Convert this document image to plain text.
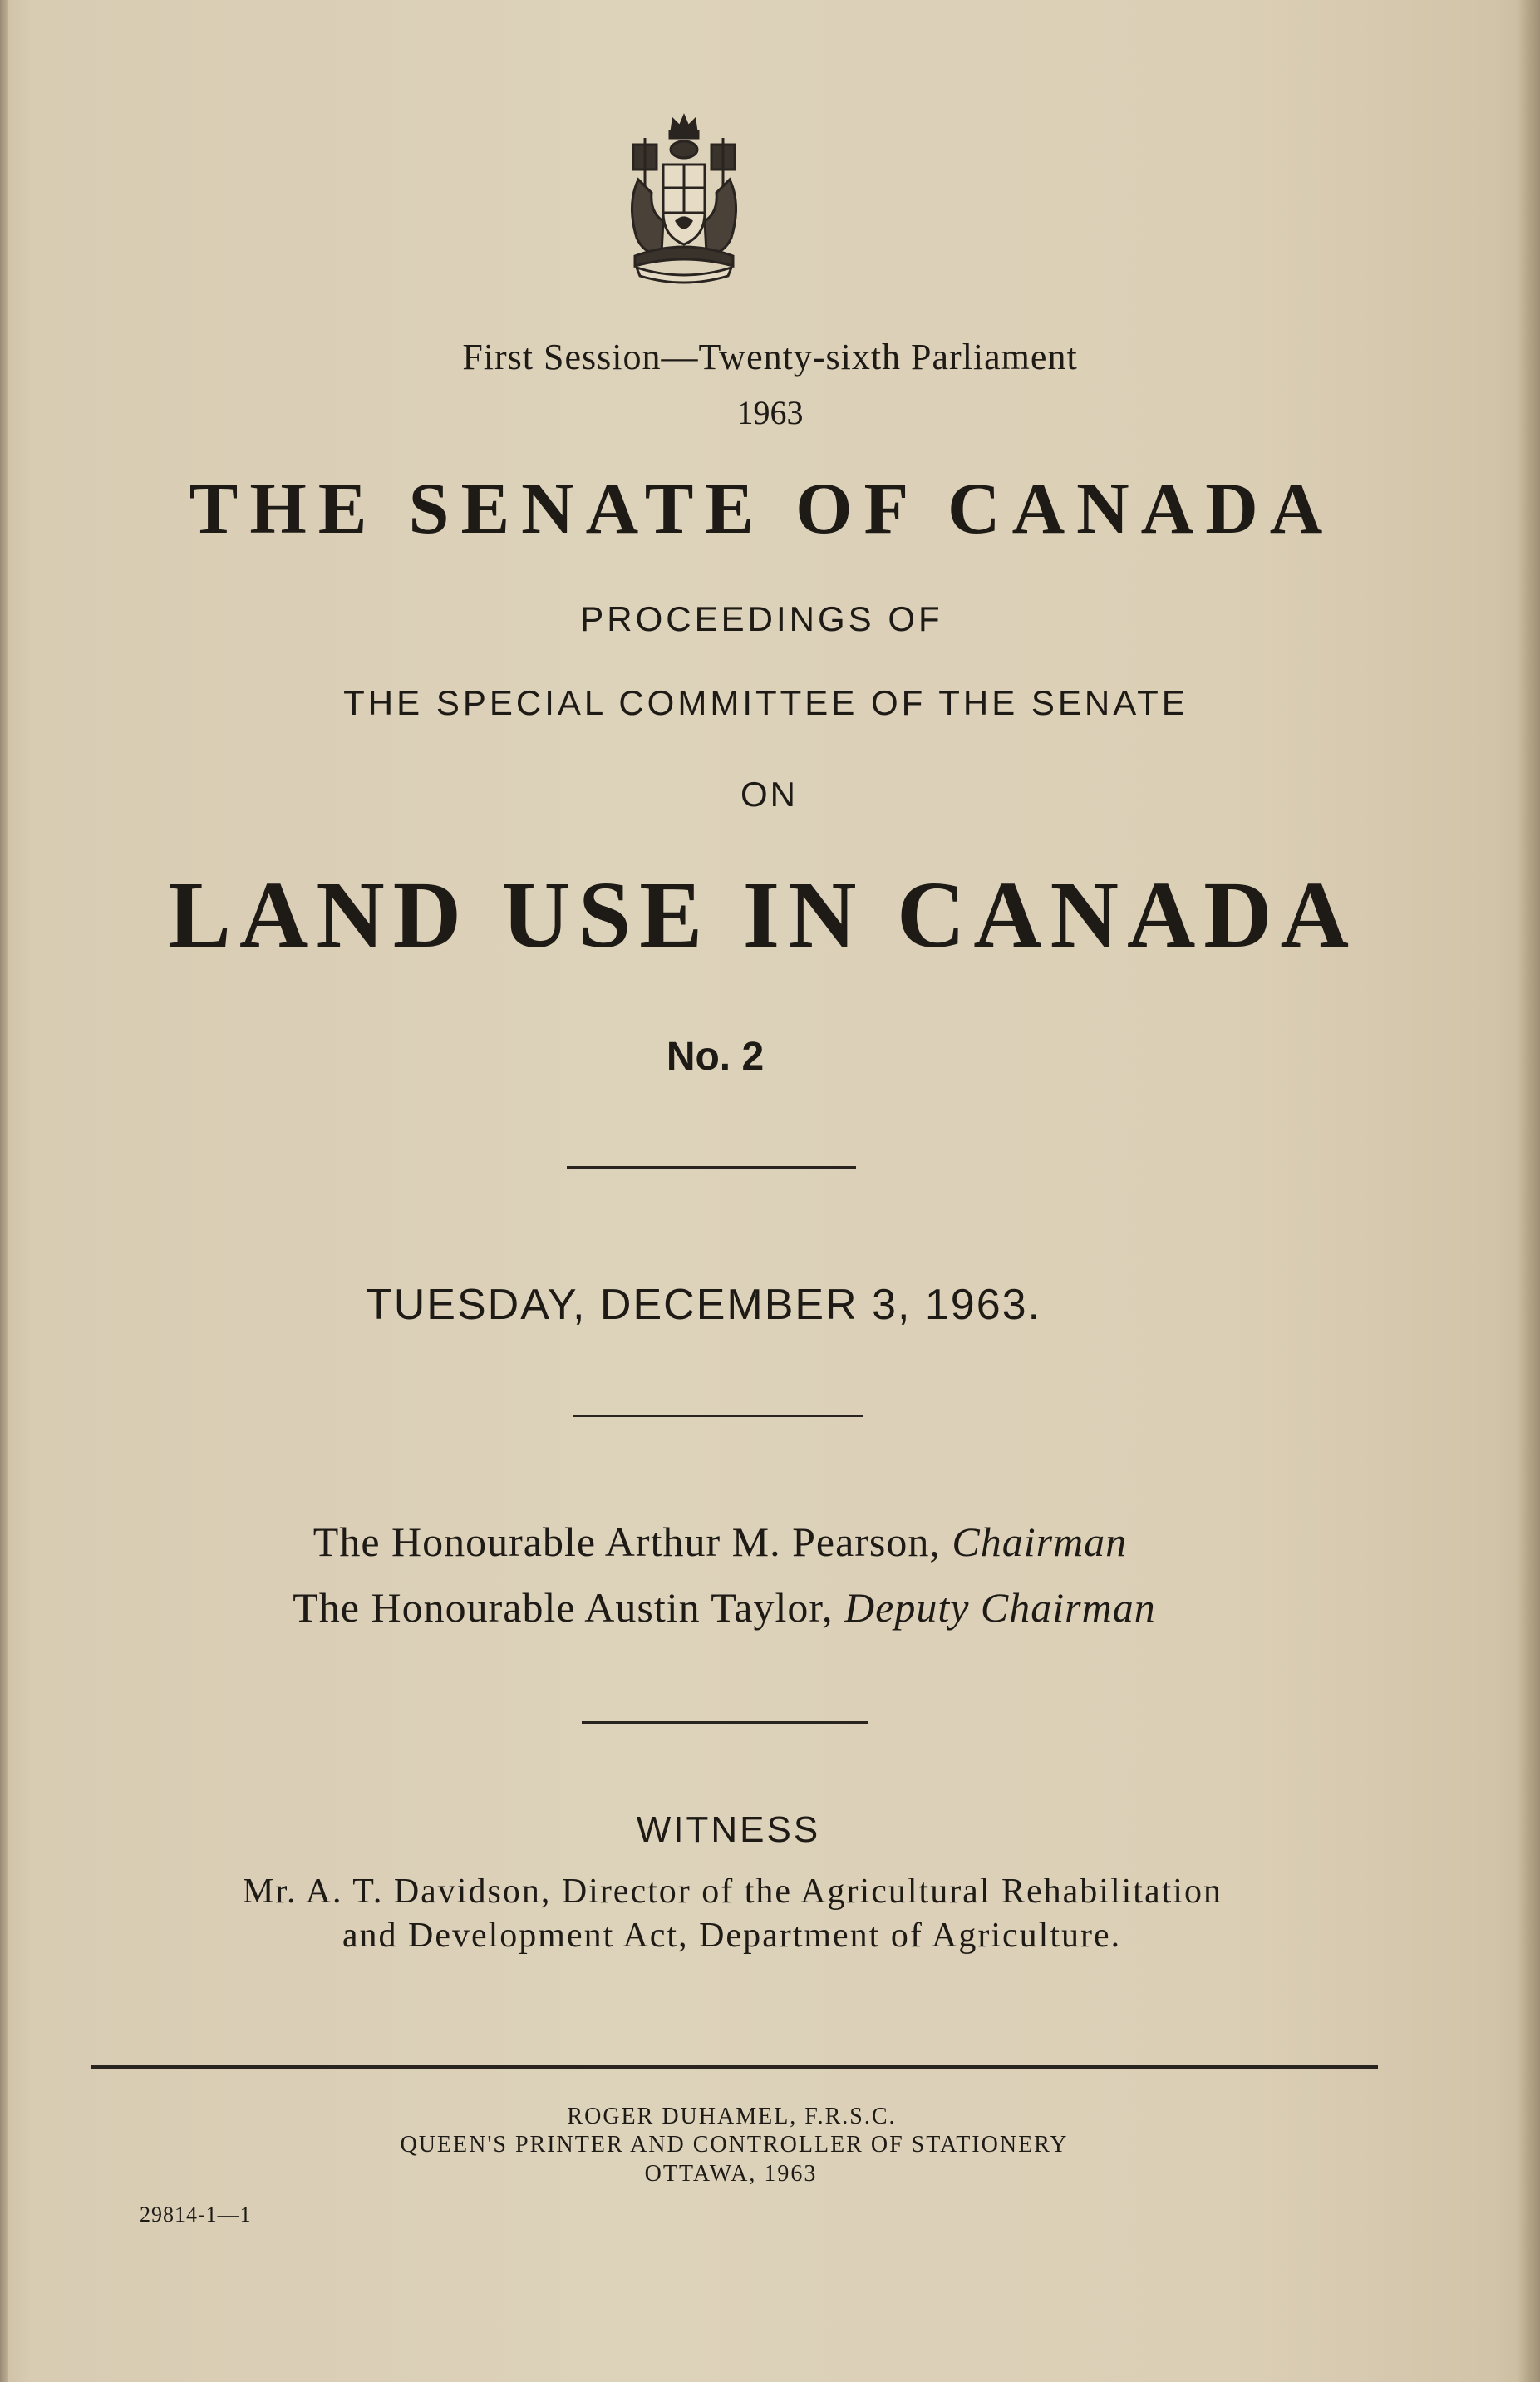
First Session—Twenty-sixth Parliament
1963
THE SENATE OF CANADA
PROCEEDINGS OF
THE SPECIAL COMMITTEE OF THE SENATE
ON
LAND USE IN CANADA
No. 2
TUESDAY, DECEMBER 3, 1963.
The Honourable Arthur M. Pearson, Chairman
The Honourable Austin Taylor, Deputy Chairman
WITNESS
Mr. A. T. Davidson, Director of the Agricultural Rehabilitation
and Development Act, Department of Agriculture.
ROGER DUHAMEL, F.R.S.C.
QUEEN'S PRINTER AND CONTROLLER OF STATIONERY
OTTAWA, 1963
29814-1—1
